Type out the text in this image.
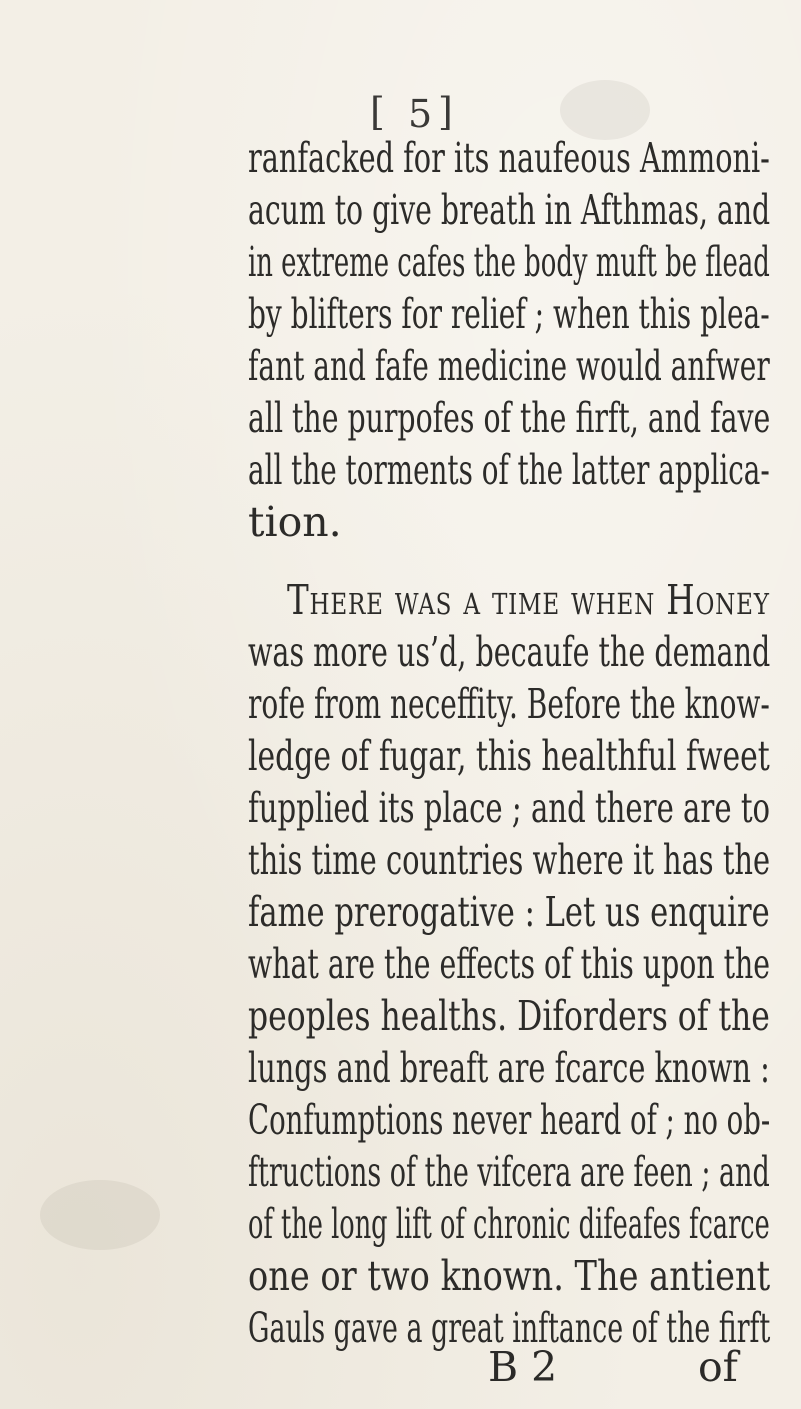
[ 5 ]
ranfacked for its naufeous Ammoni-
acum to give breath in Afthmas, and
in extreme cafes the body muft be flead
by blifters for relief ; when this plea-
fant and fafe medicine would anfwer
all the purpofes of the firft, and fave
all the torments of the latter applica-
tion.
There was a time when Honey
was more us’d, becaufe the demand
rofe from neceffity. Before the know-
ledge of fugar, this healthful fweet
fupplied its place ; and there are to
this time countries where it has the
fame prerogative : Let us enquire
what are the effects of this upon the
peoples healths. Diforders of the
lungs and breaft are fcarce known :
Confumptions never heard of ; no ob-
ftructions of the vifcera are feen ; and
of the long lift of chronic difeafes fcarce
one or two known. The antient
Gauls gave a great inftance of the firft
B 2	of
